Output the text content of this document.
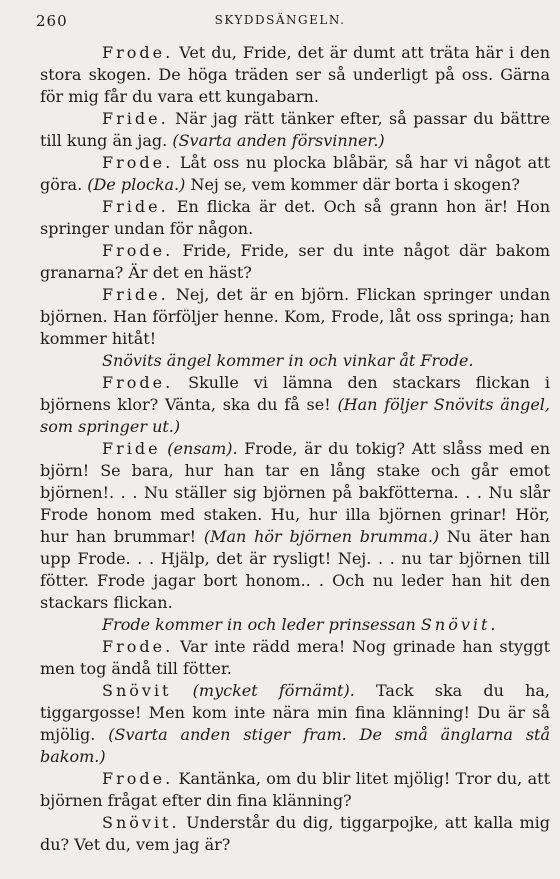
260	SKYDDSÄNGELN.

Frode. Vet du, Fride, det är dumt att träta här i den stora skogen. De höga träden ser så underligt på oss. Gärna för mig får du vara ett kungabarn.

Fride. När jag rätt tänker efter, så passar du bättre till kung än jag. (Svarta anden försvinner.)

Frode. Låt oss nu plocka blåbär, så har vi något att göra. (De plocka.) Nej se, vem kommer där borta i skogen?

Fride. En flicka är det. Och så grann hon är! Hon springer undan för någon.

Frode. Fride, Fride, ser du inte något där bakom granarna? Är det en häst?

Fride. Nej, det är en björn. Flickan springer undan björnen. Han förföljer henne. Kom, Frode, låt oss springa; han kommer hitåt!

Snövits ängel kommer in och vinkar åt Frode.

Frode. Skulle vi lämna den stackars flickan i björnens klor? Vänta, ska du få se! (Han följer Snövits ängel, som springer ut.)

Fride (ensam). Frode, är du tokig? Att slåss med en björn! Se bara, hur han tar en lång stake och går emot björnen!. . . Nu ställer sig björnen på bakfötterna. . . Nu slår Frode honom med staken. Hu, hur illa björnen grinar! Hör, hur han brummar! (Man hör björnen brumma.) Nu äter han upp Frode. . . Hjälp, det är rysligt! Nej. . . nu tar björnen till fötter. Frode jagar bort honom.. . Och nu leder han hit den stackars flickan.

Frode kommer in och leder prinsessan Snövit.

Frode. Var inte rädd mera! Nog grinade han styggt men tog ändå till fötter.

Snövit (mycket förnämt). Tack ska du ha, tiggargosse! Men kom inte nära min fina klänning! Du är så mjölig. (Svarta anden stiger fram. De små änglarna stå bakom.)

Frode. Kantänka, om du blir litet mjölig! Tror du, att björnen frågat efter din fina klänning?

Snövit. Understår du dig, tiggarpojke, att kalla mig du? Vet du, vem jag är?
